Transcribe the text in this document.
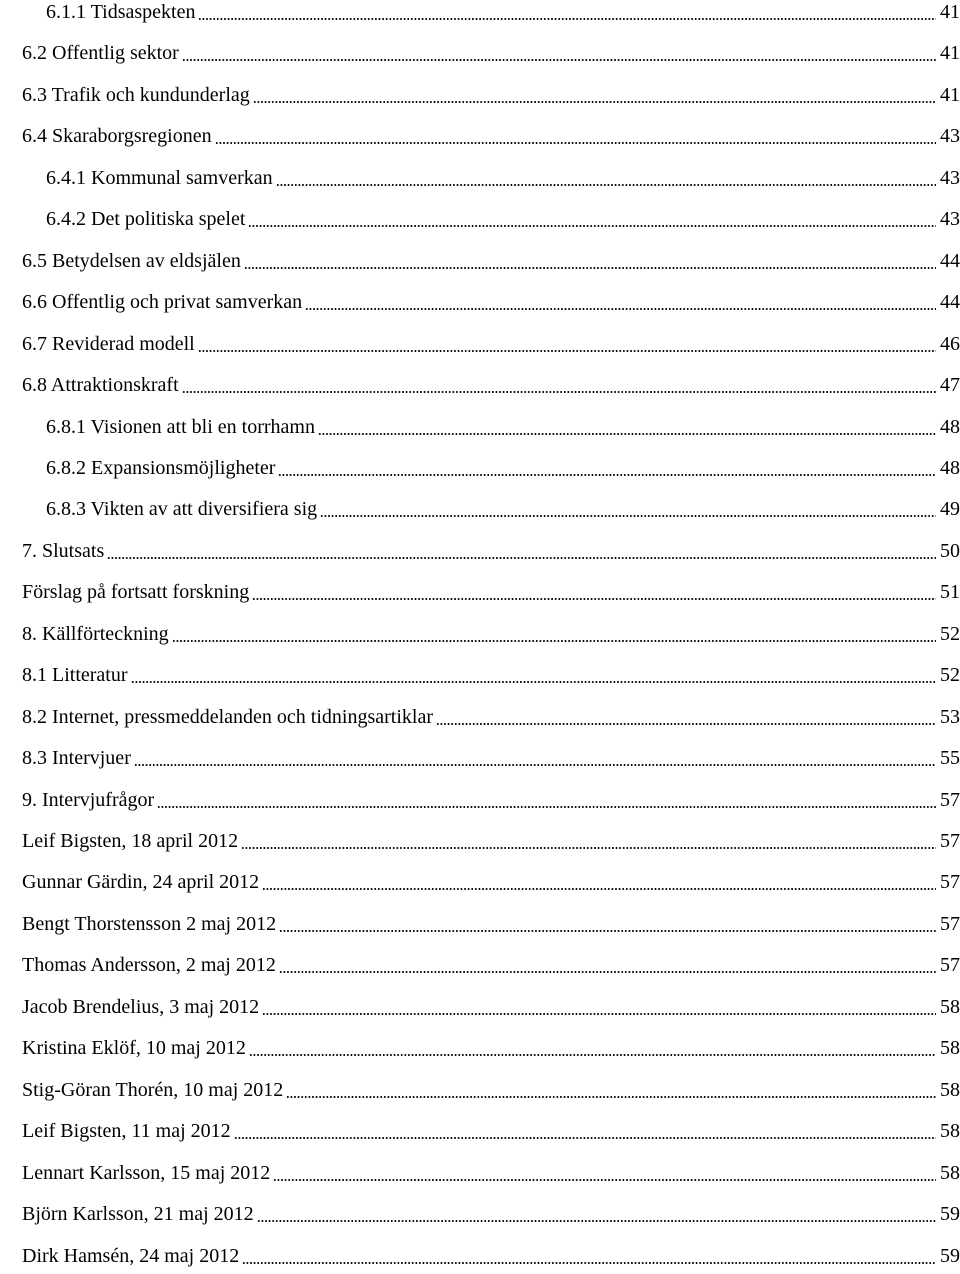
6.1.1 Tidsaspekten	41
6.2 Offentlig sektor	41
6.3 Trafik och kundunderlag	41
6.4 Skaraborgsregionen	43
6.4.1 Kommunal samverkan	43
6.4.2 Det politiska spelet	43
6.5 Betydelsen av eldsjälen	44
6.6 Offentlig och privat samverkan	44
6.7 Reviderad modell	46
6.8 Attraktionskraft	47
6.8.1 Visionen att bli en torrhamn	48
6.8.2 Expansionsmöjligheter	48
6.8.3 Vikten av att diversifiera sig	49
7. Slutsats	50
Förslag på fortsatt forskning	51
8. Källförteckning	52
8.1 Litteratur	52
8.2 Internet, pressmeddelanden och tidningsartiklar	53
8.3 Intervjuer	55
9. Intervjufrågor	57
Leif Bigsten, 18 april 2012	57
Gunnar Gärdin, 24 april 2012	57
Bengt Thorstensson 2 maj 2012	57
Thomas Andersson, 2 maj 2012	57
Jacob Brendelius, 3 maj 2012	58
Kristina Eklöf, 10 maj 2012	58
Stig-Göran Thorén, 10 maj 2012	58
Leif Bigsten, 11 maj 2012	58
Lennart Karlsson, 15 maj 2012	58
Björn Karlsson, 21 maj 2012	59
Dirk Hamsén, 24 maj 2012	59
